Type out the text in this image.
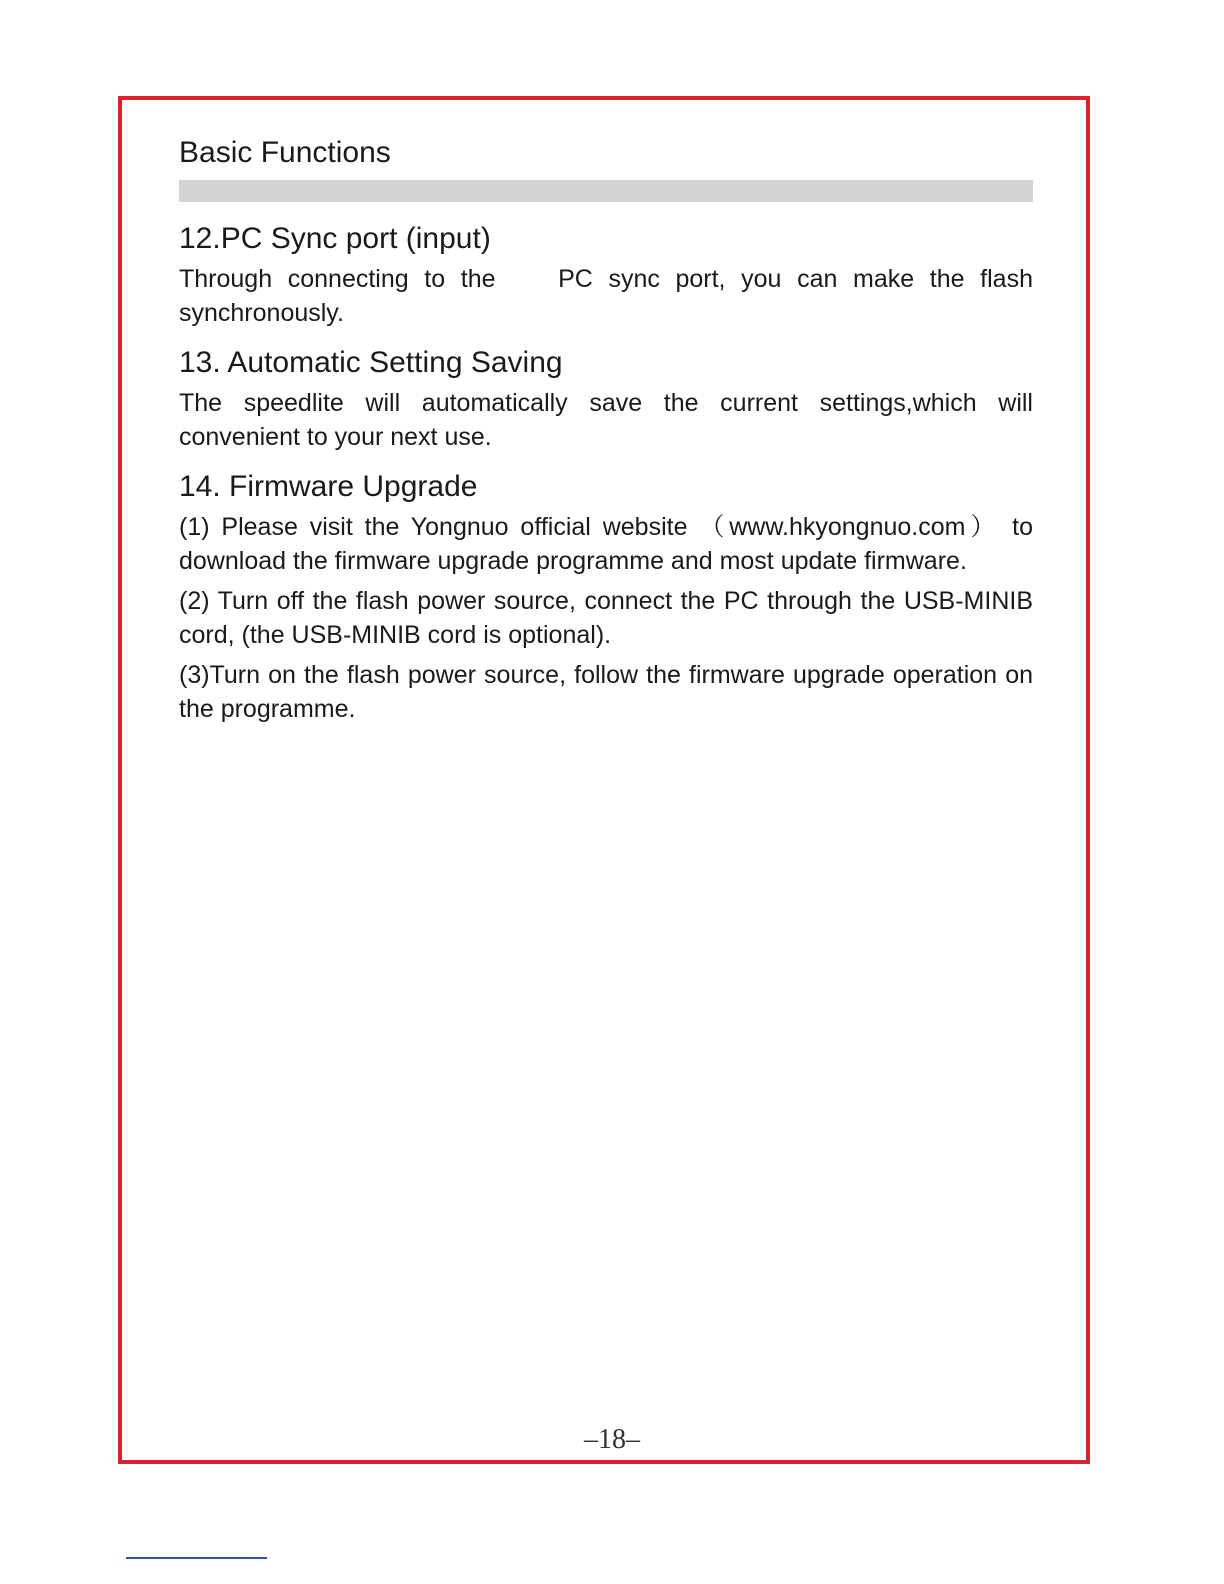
Basic Functions
12.PC Sync port (input)

Through connecting to the    PC sync port, you can make the flash synchronously.

13. Automatic Setting Saving

The speedlite will automatically save the current settings,which will convenient to your next use.

14. Firmware Upgrade

(1) Please visit the Yongnuo official website （www.hkyongnuo.com） to download the firmware upgrade programme and most update firmware.

(2) Turn off the flash power source, connect the PC through the USB-MINIB cord, (the USB-MINIB cord is optional).

(3)Turn on the flash power source, follow the firmware upgrade operation on the programme.

–18–
